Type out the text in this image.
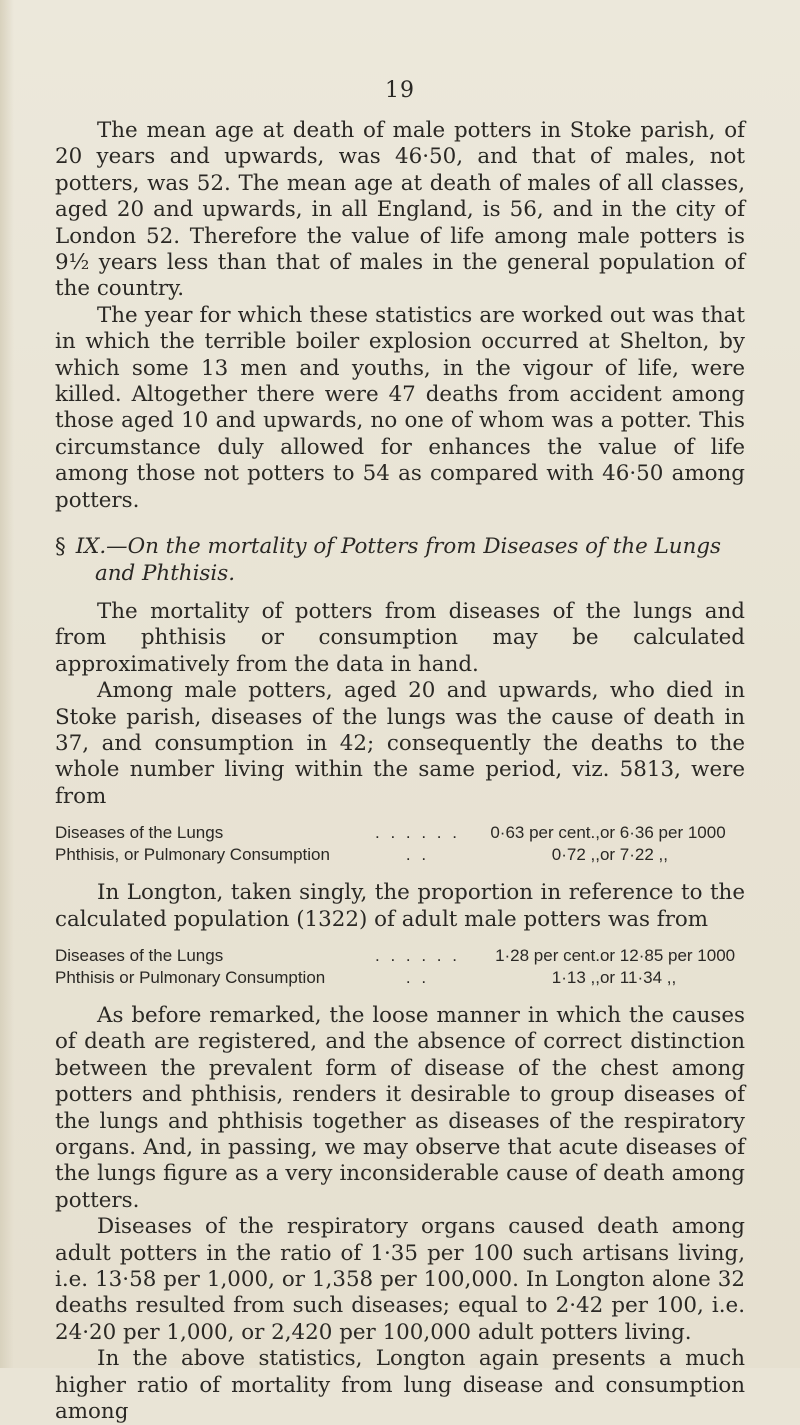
19

The mean age at death of male potters in Stoke parish, of 20 years and upwards, was 46·50, and that of males, not potters, was 52. The mean age at death of males of all classes, aged 20 and upwards, in all England, is 56, and in the city of London 52. Therefore the value of life among male potters is 9½ years less than that of males in the general population of the country.

The year for which these statistics are worked out was that in which the terrible boiler explosion occurred at Shelton, by which some 13 men and youths, in the vigour of life, were killed. Altogether there were 47 deaths from accident among those aged 10 and upwards, no one of whom was a potter. This circumstance duly allowed for enhances the value of life among those not potters to 54 as compared with 46·50 among potters.

§ IX.—On the mortality of Potters from Diseases of the Lungs and Phthisis.

The mortality of potters from diseases of the lungs and from phthisis or consumption may be calculated approximatively from the data in hand.

Among male potters, aged 20 and upwards, who died in Stoke parish, diseases of the lungs was the cause of death in 37, and consumption in 42; consequently the deaths to the whole number living within the same period, viz. 5813, were from

Diseases of the Lungs	. . . . . .	0·63 per cent.,	or 6·36 per 1000
Phthisis, or Pulmonary Consumption	. .	0·72 ,,	or 7·22 ,,

In Longton, taken singly, the proportion in reference to the calculated population (1322) of adult male potters was from

Diseases of the Lungs	. . . . . .	1·28 per cent.	or 12·85 per 1000
Phthisis or Pulmonary Consumption	. .	1·13 ,,	or 11·34 ,,

As before remarked, the loose manner in which the causes of death are registered, and the absence of correct distinction between the prevalent form of disease of the chest among potters and phthisis, renders it desirable to group diseases of the lungs and phthisis together as diseases of the respiratory organs. And, in passing, we may observe that acute diseases of the lungs figure as a very inconsiderable cause of death among potters.

Diseases of the respiratory organs caused death among adult potters in the ratio of 1·35 per 100 such artisans living, i.e. 13·58 per 1,000, or 1,358 per 100,000. In Longton alone 32 deaths resulted from such diseases; equal to 2·42 per 100, i.e. 24·20 per 1,000, or 2,420 per 100,000 adult potters living.

In the above statistics, Longton again presents a much higher ratio of mortality from lung disease and consumption among
